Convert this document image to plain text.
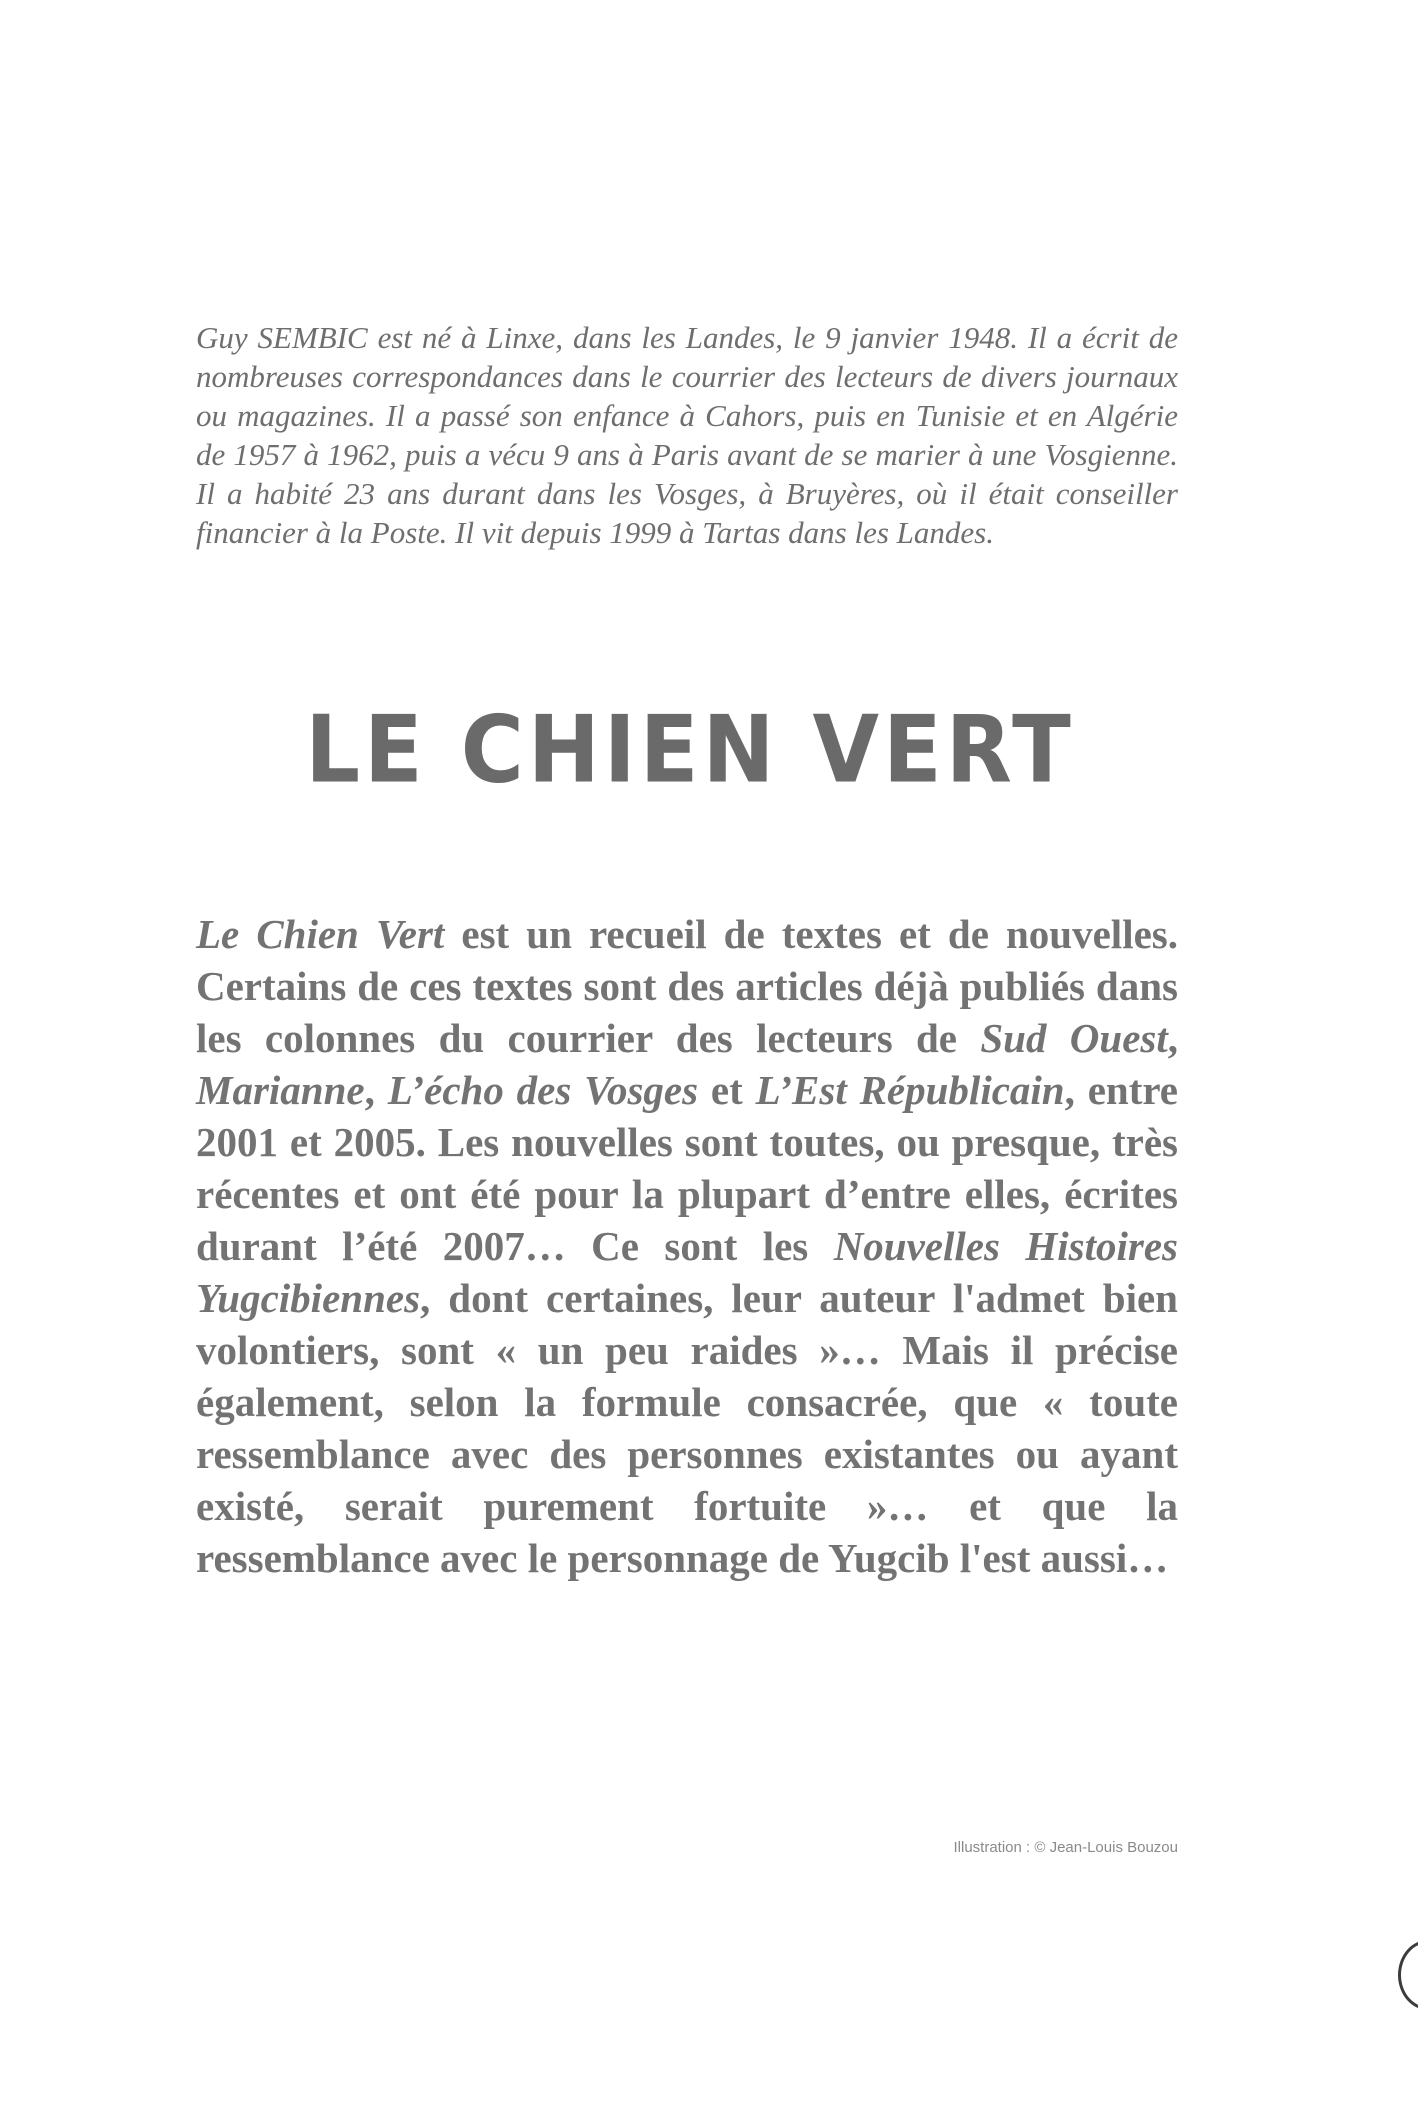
Guy SEMBIC est né à Linxe, dans les Landes, le 9 janvier 1948. Il a écrit de nombreuses correspondances dans le courrier des lecteurs de divers journaux ou magazines. Il a passé son enfance à Cahors, puis en Tunisie et en Algérie de 1957 à 1962, puis a vécu 9 ans à Paris avant de se marier à une Vosgienne. Il a habité 23 ans durant dans les Vosges, à Bruyères, où il était conseiller financier à la Poste. Il vit depuis 1999 à Tartas dans les Landes.

LE CHIEN VERT

Le Chien Vert est un recueil de textes et de nouvelles. Certains de ces textes sont des articles déjà publiés dans les colonnes du courrier des lecteurs de Sud Ouest, Marianne, L’écho des Vosges et L’Est Républicain, entre 2001 et 2005. Les nouvelles sont toutes, ou presque, très récentes et ont été pour la plupart d’entre elles, écrites durant l’été 2007… Ce sont les Nouvelles Histoires Yugcibiennes, dont certaines, leur auteur l'admet bien volontiers, sont « un peu raides »… Mais il précise également, selon la formule consacrée, que « toute ressemblance avec des personnes existantes ou ayant existé, serait purement fortuite »… et que la ressemblance avec le personnage de Yugcib l'est aussi…

Illustration : © Jean-Louis Bouzou
